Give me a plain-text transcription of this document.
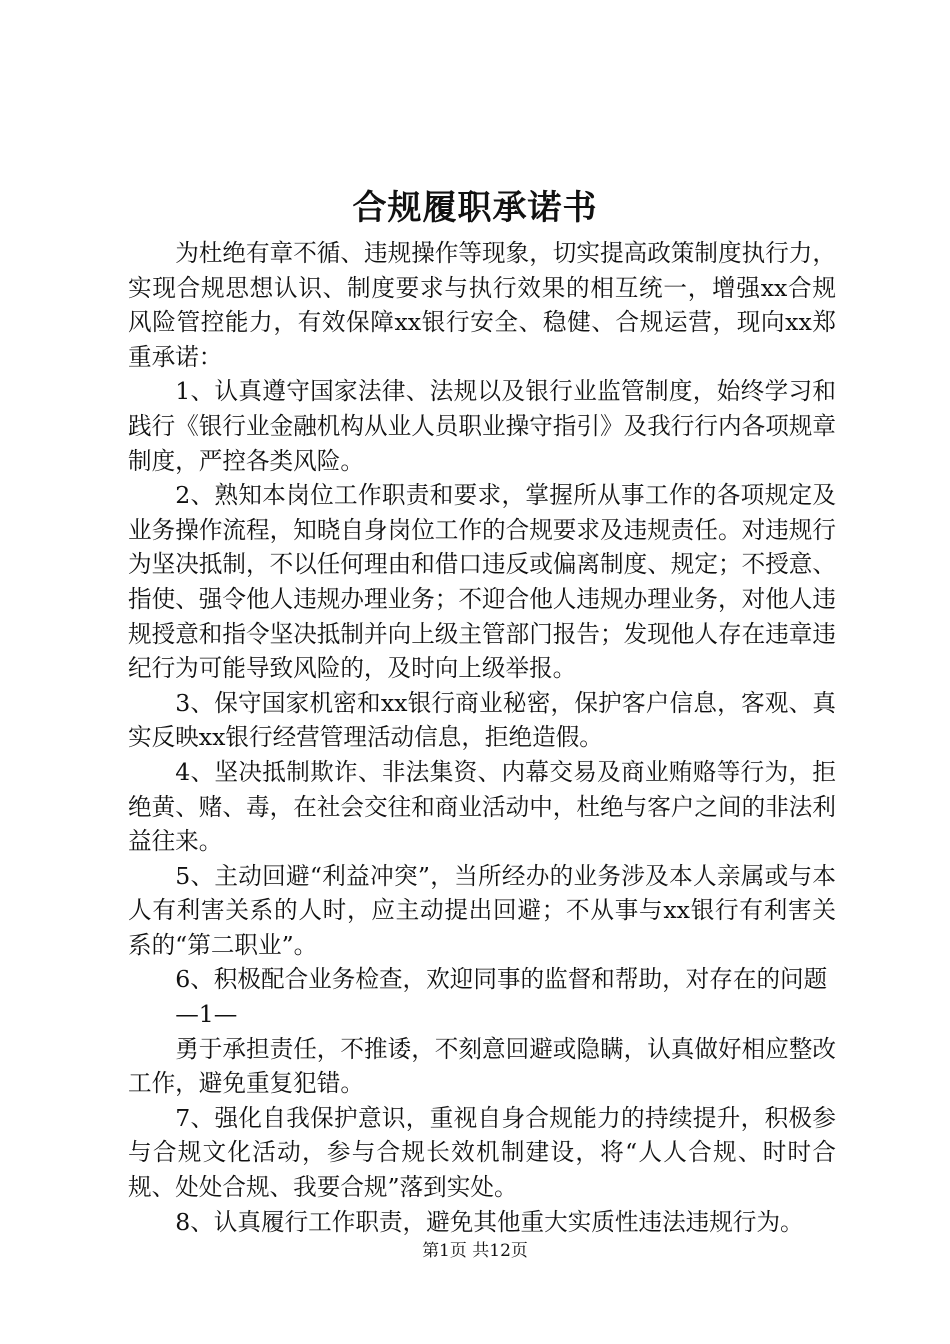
合规履职承诺书

为杜绝有章不循、违规操作等现象，切实提高政策制度执行力，实现合规思想认识、制度要求与执行效果的相互统一，增强xx合规风险管控能力，有效保障xx银行安全、稳健、合规运营，现向xx郑重承诺：

1、认真遵守国家法律、法规以及银行业监管制度，始终学习和践行《银行业金融机构从业人员职业操守指引》及我行行内各项规章制度，严控各类风险。

2、熟知本岗位工作职责和要求，掌握所从事工作的各项规定及业务操作流程，知晓自身岗位工作的合规要求及违规责任。对违规行为坚决抵制，不以任何理由和借口违反或偏离制度、规定；不授意、指使、强令他人违规办理业务；不迎合他人违规办理业务，对他人违规授意和指令坚决抵制并向上级主管部门报告；发现他人存在违章违纪行为可能导致风险的，及时向上级举报。

3、保守国家机密和xx银行商业秘密，保护客户信息，客观、真实反映xx银行经营管理活动信息，拒绝造假。

4、坚决抵制欺诈、非法集资、内幕交易及商业贿赂等行为，拒绝黄、赌、毒，在社会交往和商业活动中，杜绝与客户之间的非法利益往来。

5、主动回避“利益冲突”，当所经办的业务涉及本人亲属或与本人有利害关系的人时，应主动提出回避；不从事与xx银行有利害关系的“第二职业”。

6、积极配合业务检查，欢迎同事的监督和帮助，对存在的问题

—1—

勇于承担责任，不推诿，不刻意回避或隐瞒，认真做好相应整改工作，避免重复犯错。

7、强化自我保护意识，重视自身合规能力的持续提升，积极参与合规文化活动，参与合规长效机制建设，将“人人合规、时时合规、处处合规、我要合规”落到实处。

8、认真履行工作职责，避免其他重大实质性违法违规行为。

第1页 共12页
